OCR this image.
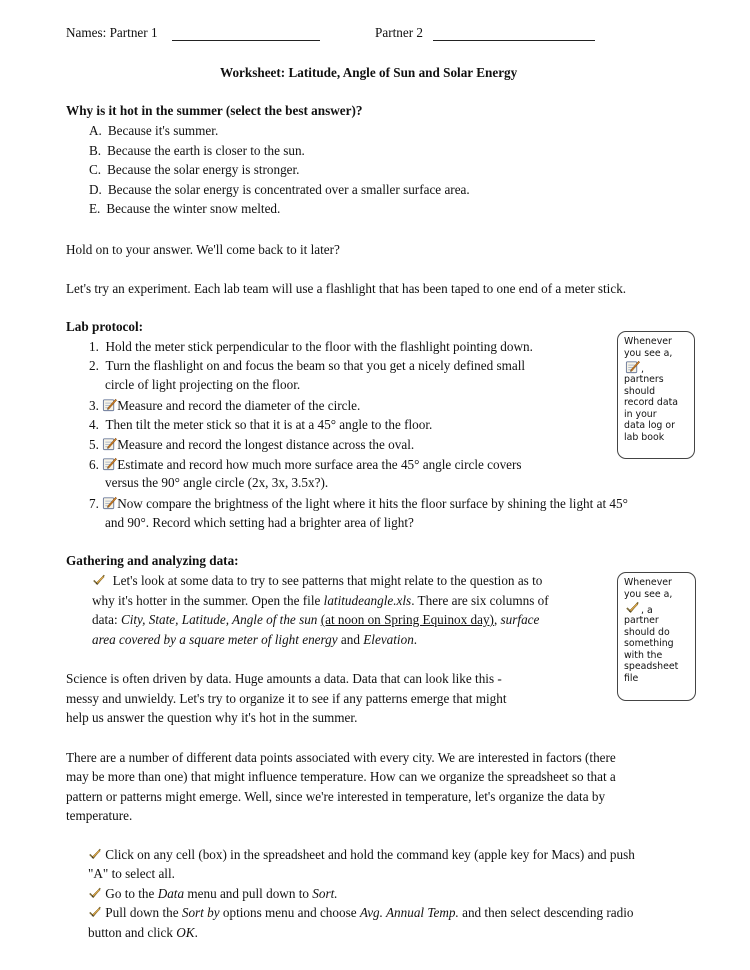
Names: Partner 1	Partner 2
Worksheet: Latitude, Angle of Sun and Solar Energy
Why is it hot in the summer (select the best answer)?
A. Because it's summer.
B. Because the earth is closer to the sun.
C. Because the solar energy is stronger.
D. Because the solar energy is concentrated over a smaller surface area.
E. Because the winter snow melted.
Hold on to your answer. We'll come back to it later?
Let's try an experiment. Each lab team will use a flashlight that has been taped to one end of a meter stick.
Lab protocol:
1. Hold the meter stick perpendicular to the floor with the flashlight pointing down.
2. Turn the flashlight on and focus the beam so that you get a nicely defined small
circle of light projecting on the floor.
3. Measure and record the diameter of the circle.
4. Then tilt the meter stick so that it is at a 45° angle to the floor.
5. Measure and record the longest distance across the oval.
6. Estimate and record how much more surface area the 45° angle circle covers
versus the 90° angle circle (2x, 3x, 3.5x?).
7. Now compare the brightness of the light where it hits the floor surface by shining the light at 45°
and 90°. Record which setting had a brighter area of light?
Whenever
you see a,
,
partners
should
record data
in your
data log or
lab book
Gathering and analyzing data:
Let's look at some data to try to see patterns that might relate to the question as to
why it's hotter in the summer. Open the file latitudeangle.xls. There are six columns of
data: City, State, Latitude, Angle of the sun (at noon on Spring Equinox day), surface
area covered by a square meter of light energy and Elevation.
Science is often driven by data. Huge amounts a data. Data that can look like this -
messy and unwieldy. Let's try to organize it to see if any patterns emerge that might
help us answer the question why it's hot in the summer.
Whenever
you see a,
, a
partner
should do
something
with the
speadsheet
file
There are a number of different data points associated with every city. We are interested in factors (there
may be more than one) that might influence temperature. How can we organize the spreadsheet so that a
pattern or patterns might emerge. Well, since we're interested in temperature, let's organize the data by
temperature.
Click on any cell (box) in the spreadsheet and hold the command key (apple key for Macs) and push
"A" to select all.
Go to the Data menu and pull down to Sort.
Pull down the Sort by options menu and choose Avg. Annual Temp. and then select descending radio
button and click OK.
